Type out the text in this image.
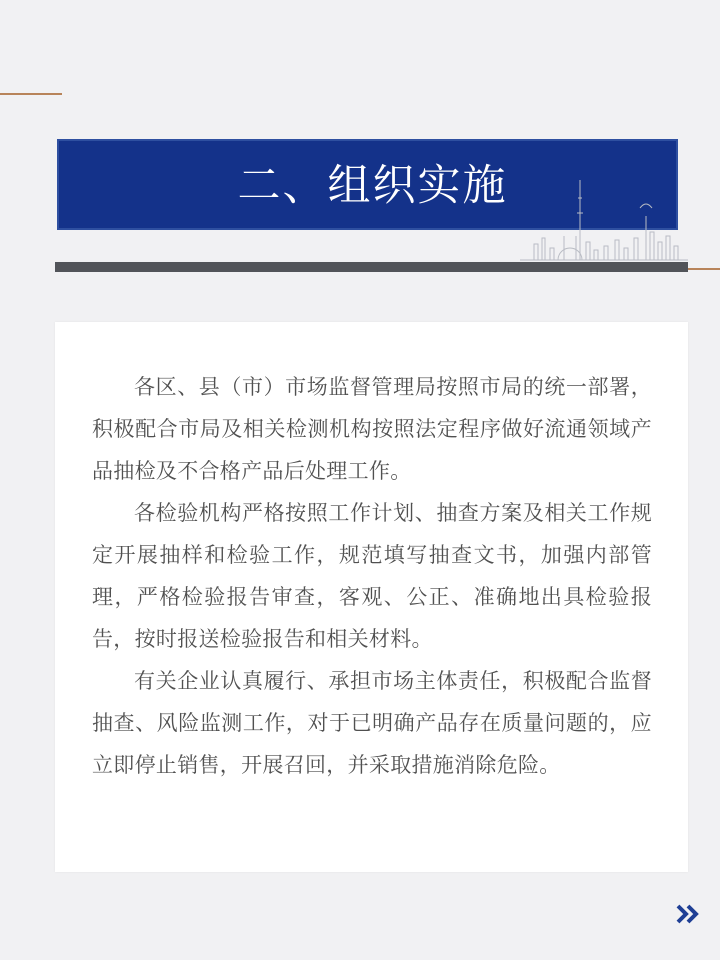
二、组织实施

各区、县（市）市场监督管理局按照市局的统一部署，积极配合市局及相关检测机构按照法定程序做好流通领域产品抽检及不合格产品后处理工作。

各检验机构严格按照工作计划、抽查方案及相关工作规定开展抽样和检验工作，规范填写抽查文书，加强内部管理，严格检验报告审查，客观、公正、准确地出具检验报告，按时报送检验报告和相关材料。

有关企业认真履行、承担市场主体责任，积极配合监督抽查、风险监测工作，对于已明确产品存在质量问题的，应立即停止销售，开展召回，并采取措施消除危险。
